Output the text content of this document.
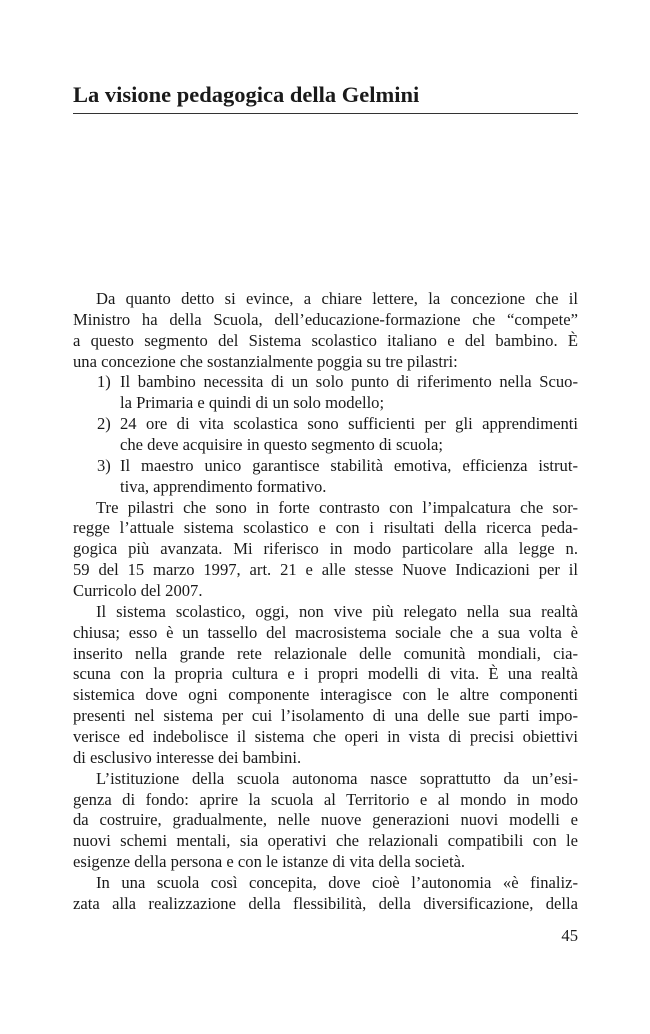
La visione pedagogica della Gelmini
Da quanto detto si evince, a chiare lettere, la concezione che il
Ministro ha della Scuola, dell’educazione-formazione che “compete”
a questo segmento del Sistema scolastico italiano e del bambino. È
una concezione che sostanzialmente poggia su tre pilastri:
1) Il bambino necessita di un solo punto di riferimento nella Scuo-
la Primaria e quindi di un solo modello;
2) 24 ore di vita scolastica sono sufficienti per gli apprendimenti
che deve acquisire in questo segmento di scuola;
3) Il maestro unico garantisce stabilità emotiva, efficienza istrut-
tiva, apprendimento formativo.
Tre pilastri che sono in forte contrasto con l’impalcatura che sor-
regge l’attuale sistema scolastico e con i risultati della ricerca peda-
gogica più avanzata. Mi riferisco in modo particolare alla legge n.
59 del 15 marzo 1997, art. 21 e alle stesse Nuove Indicazioni per il
Curricolo del 2007.
Il sistema scolastico, oggi, non vive più relegato nella sua realtà
chiusa; esso è un tassello del macrosistema sociale che a sua volta è
inserito nella grande rete relazionale delle comunità mondiali, cia-
scuna con la propria cultura e i propri modelli di vita. È una realtà
sistemica dove ogni componente interagisce con le altre componenti
presenti nel sistema per cui l’isolamento di una delle sue parti impo-
verisce ed indebolisce il sistema che operi in vista di precisi obiettivi
di esclusivo interesse dei bambini.
L’istituzione della scuola autonoma nasce soprattutto da un’esi-
genza di fondo: aprire la scuola al Territorio e al mondo in modo
da costruire, gradualmente, nelle nuove generazioni nuovi modelli e
nuovi schemi mentali, sia operativi che relazionali compatibili con le
esigenze della persona e con le istanze di vita della società.
In una scuola così concepita, dove cioè l’autonomia «è finaliz-
zata alla realizzazione della flessibilità, della diversificazione, della
45
